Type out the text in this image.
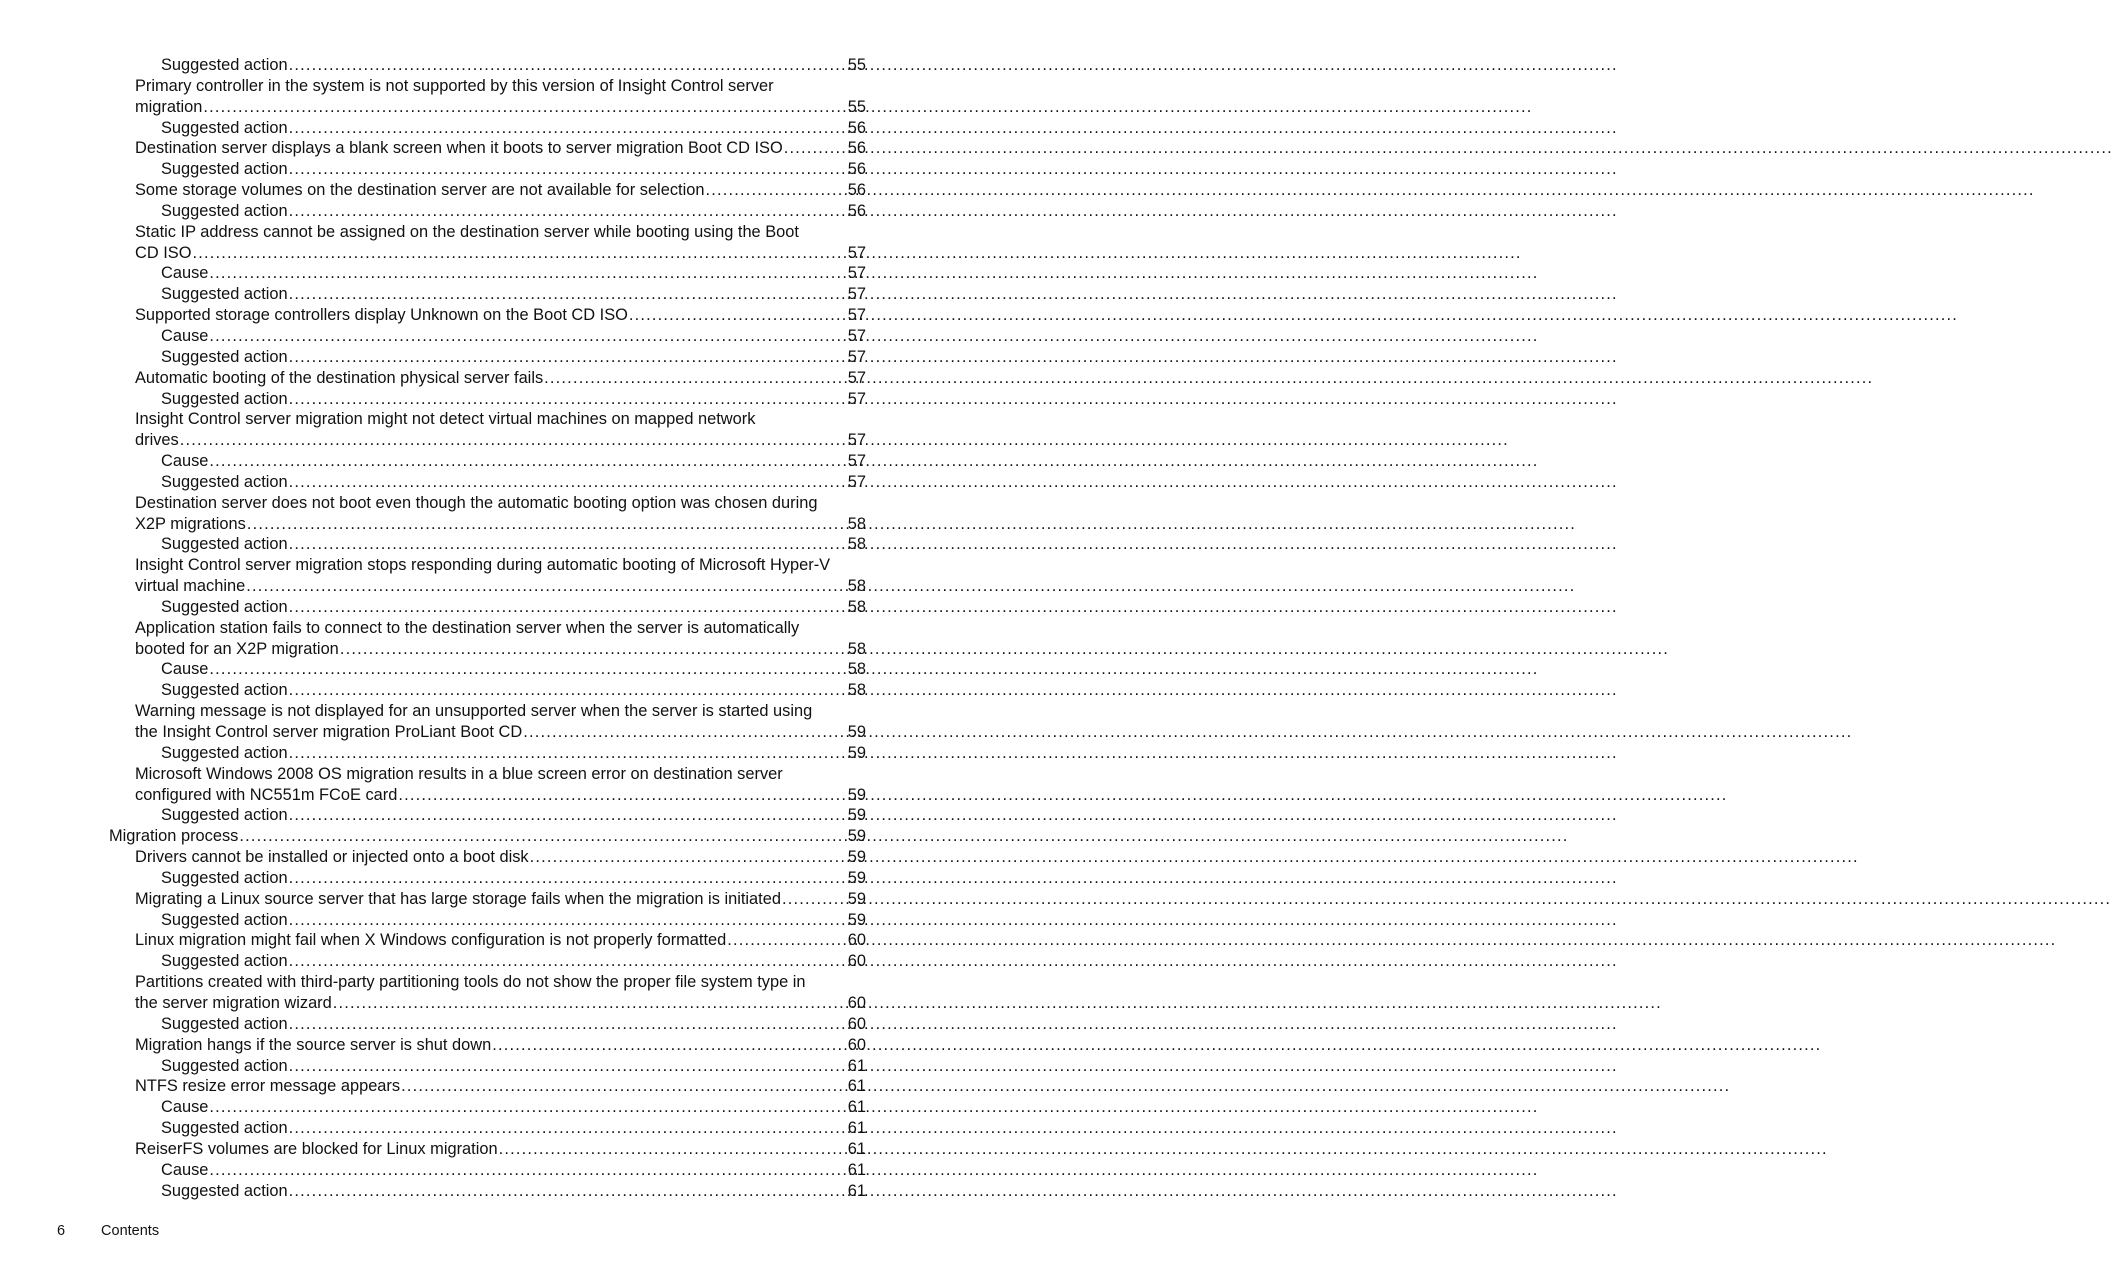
Suggested action .....	55
Primary controller in the system is not supported by this version of Insight Control server
migration .....	55
Suggested action .....	56
Destination server displays a blank screen when it boots to server migration Boot CD ISO .....	56
Suggested action .....	56
Some storage volumes on the destination server are not available for selection .....	56
Suggested action .....	56
Static IP address cannot be assigned on the destination server while booting using the Boot
CD ISO .....	57
Cause .....	57
Suggested action .....	57
Supported storage controllers display Unknown on the Boot CD ISO .....	57
Cause .....	57
Suggested action .....	57
Automatic booting of the destination physical server fails .....	57
Suggested action .....	57
Insight Control server migration might not detect virtual machines on mapped network
drives .....	57
Cause .....	57
Suggested action .....	57
Destination server does not boot even though the automatic booting option was chosen during
X2P migrations .....	58
Suggested action .....	58
Insight Control server migration stops responding during automatic booting of Microsoft Hyper-V
virtual machine .....	58
Suggested action .....	58
Application station fails to connect to the destination server when the server is automatically
booted for an X2P migration .....	58
Cause .....	58
Suggested action .....	58
Warning message is not displayed for an unsupported server when the server is started using
the Insight Control server migration ProLiant Boot CD .....	59
Suggested action .....	59
Microsoft Windows 2008 OS migration results in a blue screen error on destination server
configured with NC551m FCoE card .....	59
Suggested action .....	59
Migration process .....	59
Drivers cannot be installed or injected onto a boot disk .....	59
Suggested action .....	59
Migrating a Linux source server that has large storage fails when the migration is initiated .....	59
Suggested action .....	59
Linux migration might fail when X Windows configuration is not properly formatted .....	60
Suggested action .....	60
Partitions created with third-party partitioning tools do not show the proper file system type in
the server migration wizard .....	60
Suggested action .....	60
Migration hangs if the source server is shut down .....	60
Suggested action .....	61
NTFS resize error message appears .....	61
Cause .....	61
Suggested action .....	61
ReiserFS volumes are blocked for Linux migration .....	61
Cause .....	61
Suggested action .....	61
6 Contents
